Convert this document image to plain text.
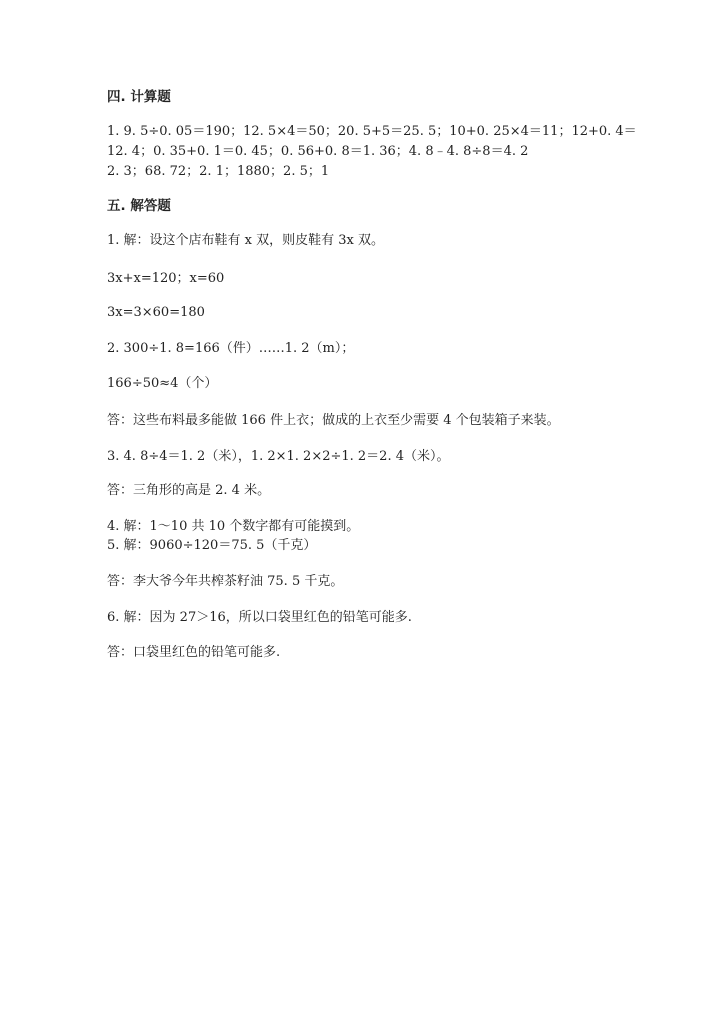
四. 计算题
1. 9. 5÷0. 05＝190；12. 5×4＝50；20. 5+5＝25. 5；10+0. 25×4＝11；12+0. 4＝
12. 4；0. 35+0. 1＝0. 45；0. 56+0. 8＝1. 36；4. 8﹣4. 8÷8＝4. 2
2. 3；68. 72；2. 1；1880；2. 5；1
五. 解答题
1. 解：设这个店布鞋有 x 双，则皮鞋有 3x 双。
3x+x=120；x=60
3x=3×60=180
2. 300÷1. 8=166（件）……1. 2（m）；
166÷50≈4（个）
答：这些布料最多能做 166 件上衣；做成的上衣至少需要 4 个包装箱子来装。
3. 4. 8÷4＝1. 2（米），1. 2×1. 2×2÷1. 2＝2. 4（米）。
答：三角形的高是 2. 4 米。
4. 解：1～10 共 10 个数字都有可能摸到。
5. 解：9060÷120＝75. 5（千克）
答：李大爷今年共榨茶籽油 75. 5 千克。
6. 解：因为 27＞16，所以口袋里红色的铅笔可能多.
答：口袋里红色的铅笔可能多.
